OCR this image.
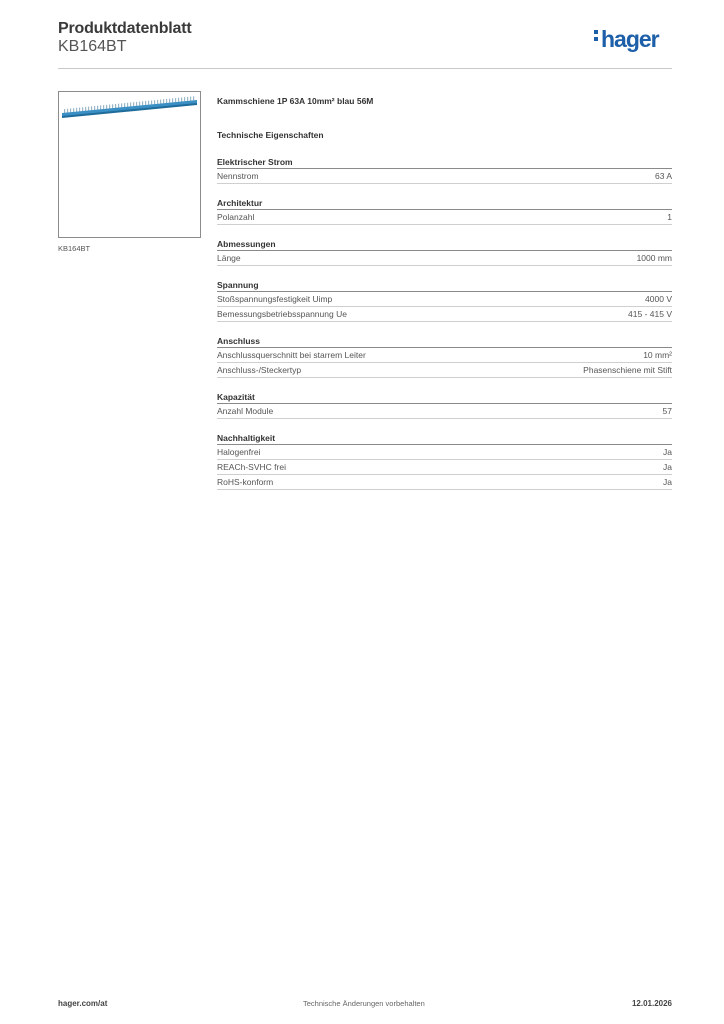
Produktdatenblatt
KB164BT	hager
KB164BT
Kammschiene 1P 63A 10mm² blau 56M
Technische Eigenschaften
Elektrischer Strom
Nennstrom	63 A
Architektur
Polanzahl	1
Abmessungen
Länge	1000 mm
Spannung
Stoßspannungsfestigkeit Uimp	4000 V
Bemessungsbetriebsspannung Ue	415 - 415 V
Anschluss
Anschlussquerschnitt bei starrem Leiter	10 mm²
Anschluss-/Steckertyp	Phasenschiene mit Stift
Kapazität
Anzahl Module	57
Nachhaltigkeit
Halogenfrei	Ja
REACh-SVHC frei	Ja
RoHS-konform	Ja
hager.com/at	Technische Änderungen vorbehalten	12.01.2026
